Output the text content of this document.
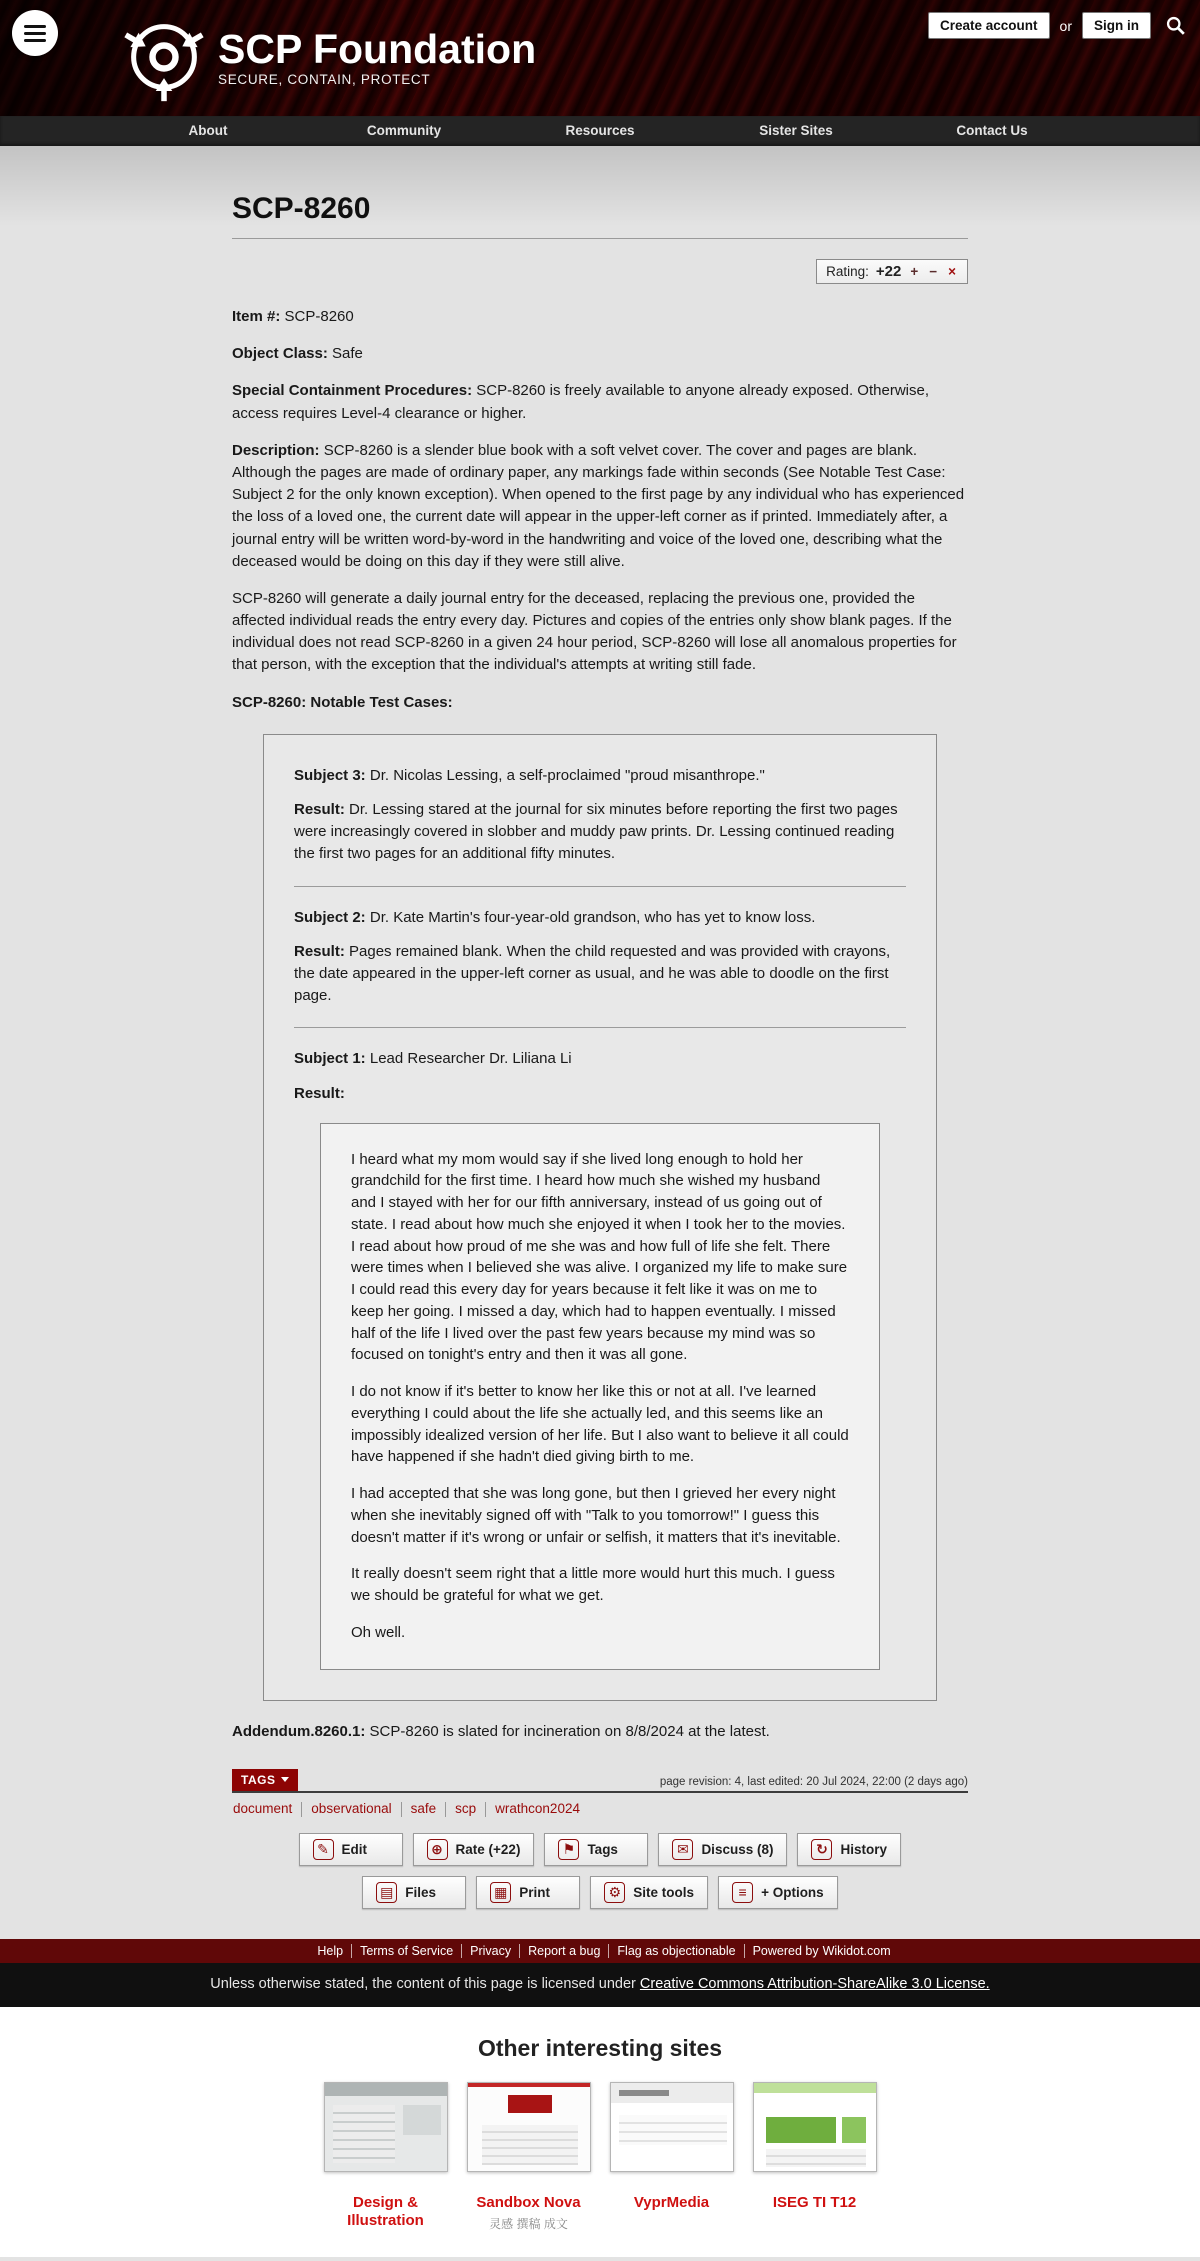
SCP Foundation
SECURE, CONTAIN, PROTECT
Create account	or	Sign in
About	Community	Resources	Sister Sites	Contact Us
SCP-8260
Rating: +22 + − ×

Item #: SCP-8260

Object Class: Safe

Special Containment Procedures: SCP-8260 is freely available to anyone already exposed. Otherwise, access requires Level-4 clearance or higher.

Description: SCP-8260 is a slender blue book with a soft velvet cover. The cover and pages are blank. Although the pages are made of ordinary paper, any markings fade within seconds (See Notable Test Case: Subject 2 for the only known exception). When opened to the first page by any individual who has experienced the loss of a loved one, the current date will appear in the upper-left corner as if printed. Immediately after, a journal entry will be written word-by-word in the handwriting and voice of the loved one, describing what the deceased would be doing on this day if they were still alive.

SCP-8260 will generate a daily journal entry for the deceased, replacing the previous one, provided the affected individual reads the entry every day. Pictures and copies of the entries only show blank pages. If the individual does not read SCP-8260 in a given 24 hour period, SCP-8260 will lose all anomalous properties for that person, with the exception that the individual's attempts at writing still fade.

SCP-8260: Notable Test Cases:

Subject 3: Dr. Nicolas Lessing, a self-proclaimed "proud misanthrope."

Result: Dr. Lessing stared at the journal for six minutes before reporting the first two pages were increasingly covered in slobber and muddy paw prints. Dr. Lessing continued reading the first two pages for an additional fifty minutes.

Subject 2: Dr. Kate Martin's four-year-old grandson, who has yet to know loss.

Result: Pages remained blank. When the child requested and was provided with crayons, the date appeared in the upper-left corner as usual, and he was able to doodle on the first page.

Subject 1: Lead Researcher Dr. Liliana Li

Result:

I heard what my mom would say if she lived long enough to hold her grandchild for the first time. I heard how much she wished my husband and I stayed with her for our fifth anniversary, instead of us going out of state. I read about how much she enjoyed it when I took her to the movies. I read about how proud of me she was and how full of life she felt. There were times when I believed she was alive. I organized my life to make sure I could read this every day for years because it felt like it was on me to keep her going. I missed a day, which had to happen eventually. I missed half of the life I lived over the past few years because my mind was so focused on tonight's entry and then it was all gone.

I do not know if it's better to know her like this or not at all. I've learned everything I could about the life she actually led, and this seems like an impossibly idealized version of her life. But I also want to believe it all could have happened if she hadn't died giving birth to me.

I had accepted that she was long gone, but then I grieved her every night when she inevitably signed off with "Talk to you tomorrow!" I guess this doesn't matter if it's wrong or unfair or selfish, it matters that it's inevitable.

It really doesn't seem right that a little more would hurt this much. I guess we should be grateful for what we get.

Oh well.

Addendum.8260.1: SCP-8260 is slated for incineration on 8/8/2024 at the latest.

TAGS	page revision: 4, last edited: 20 Jul 2024, 22:00 (2 days ago)
document	observational	safe	scp	wrathcon2024
✎ Edit	⊕ Rate (+22)	⚑ Tags	✉ Discuss (8)	↻ History
▤ Files	▦ Print	⚙ Site tools	≡	+ Options
Help Terms of Service Privacy Report a bug Flag as objectionable Powered by Wikidot.com
Unless otherwise stated, the content of this page is licensed under Creative Commons Attribution-ShareAlike 3.0 License.
Other interesting sites
Design & Illustration
Sandbox Nova
灵感 撰稿 成文
VyprMedia	ISEG TI T12
